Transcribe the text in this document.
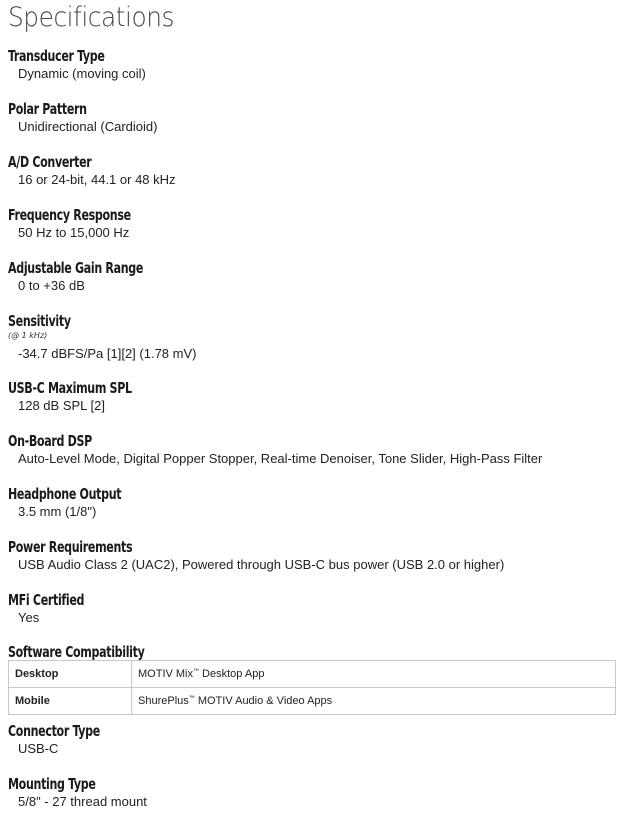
Specifications
Transducer Type
Dynamic (moving coil)
Polar Pattern
Unidirectional (Cardioid)
A/D Converter
16 or 24-bit, 44.1 or 48 kHz
Frequency Response
50 Hz to 15,000 Hz
Adjustable Gain Range
0 to +36 dB
Sensitivity
(@ 1 kHz)
-34.7 dBFS/Pa [1][2] (1.78 mV)
USB-C Maximum SPL
128 dB SPL [2]
On-Board DSP
Auto-Level Mode, Digital Popper Stopper, Real-time Denoiser, Tone Slider, High-Pass Filter
Headphone Output
3.5 mm (1/8")
Power Requirements
USB Audio Class 2 (UAC2), Powered through USB-C bus power (USB 2.0 or higher)
MFi Certified
Yes
Software Compatibility
Desktop	MOTIV Mix™ Desktop App
Mobile	ShurePlus™ MOTIV Audio & Video Apps
Connector Type
USB-C
Mounting Type
5/8" - 27 thread mount
